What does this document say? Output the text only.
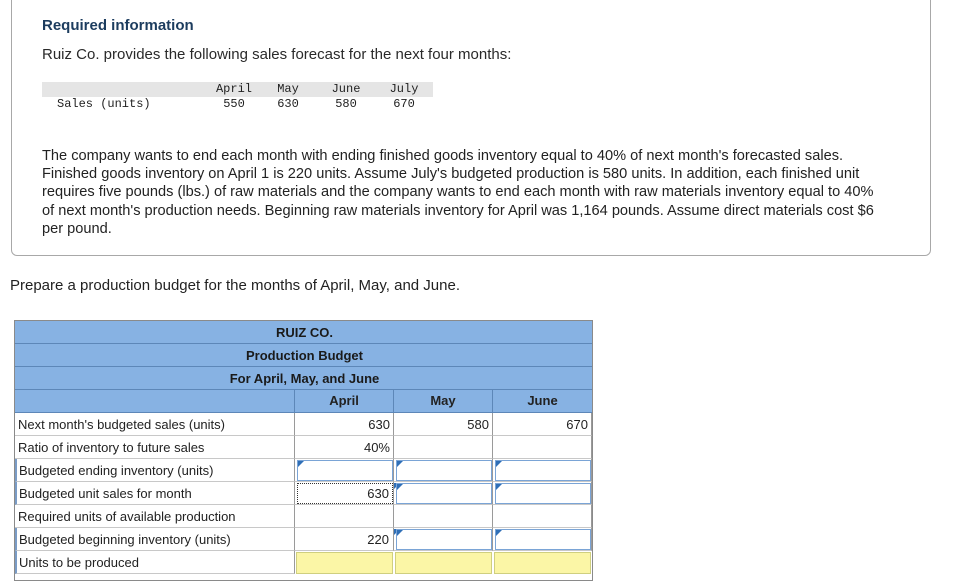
Required information
Ruiz Co. provides the following sales forecast for the next four months:
	April	May	June	July
Sales (units)	550	630	580	670
The company wants to end each month with ending finished goods inventory equal to 40% of next month's forecasted sales. Finished goods inventory on April 1 is 220 units. Assume July's budgeted production is 580 units. In addition, each finished unit requires five pounds (lbs.) of raw materials and the company wants to end each month with raw materials inventory equal to 40% of next month's production needs. Beginning raw materials inventory for April was 1,164 pounds. Assume direct materials cost $6 per pound.
Prepare a production budget for the months of April, May, and June.
RUIZ CO.
Production Budget
For April, May, and June
April	May	June
Next month's budgeted sales (units)	630	580	670
Ratio of inventory to future sales	40%
Budgeted ending inventory (units)
Budgeted unit sales for month	630
Required units of available production
Budgeted beginning inventory (units)	220
Units to be produced
